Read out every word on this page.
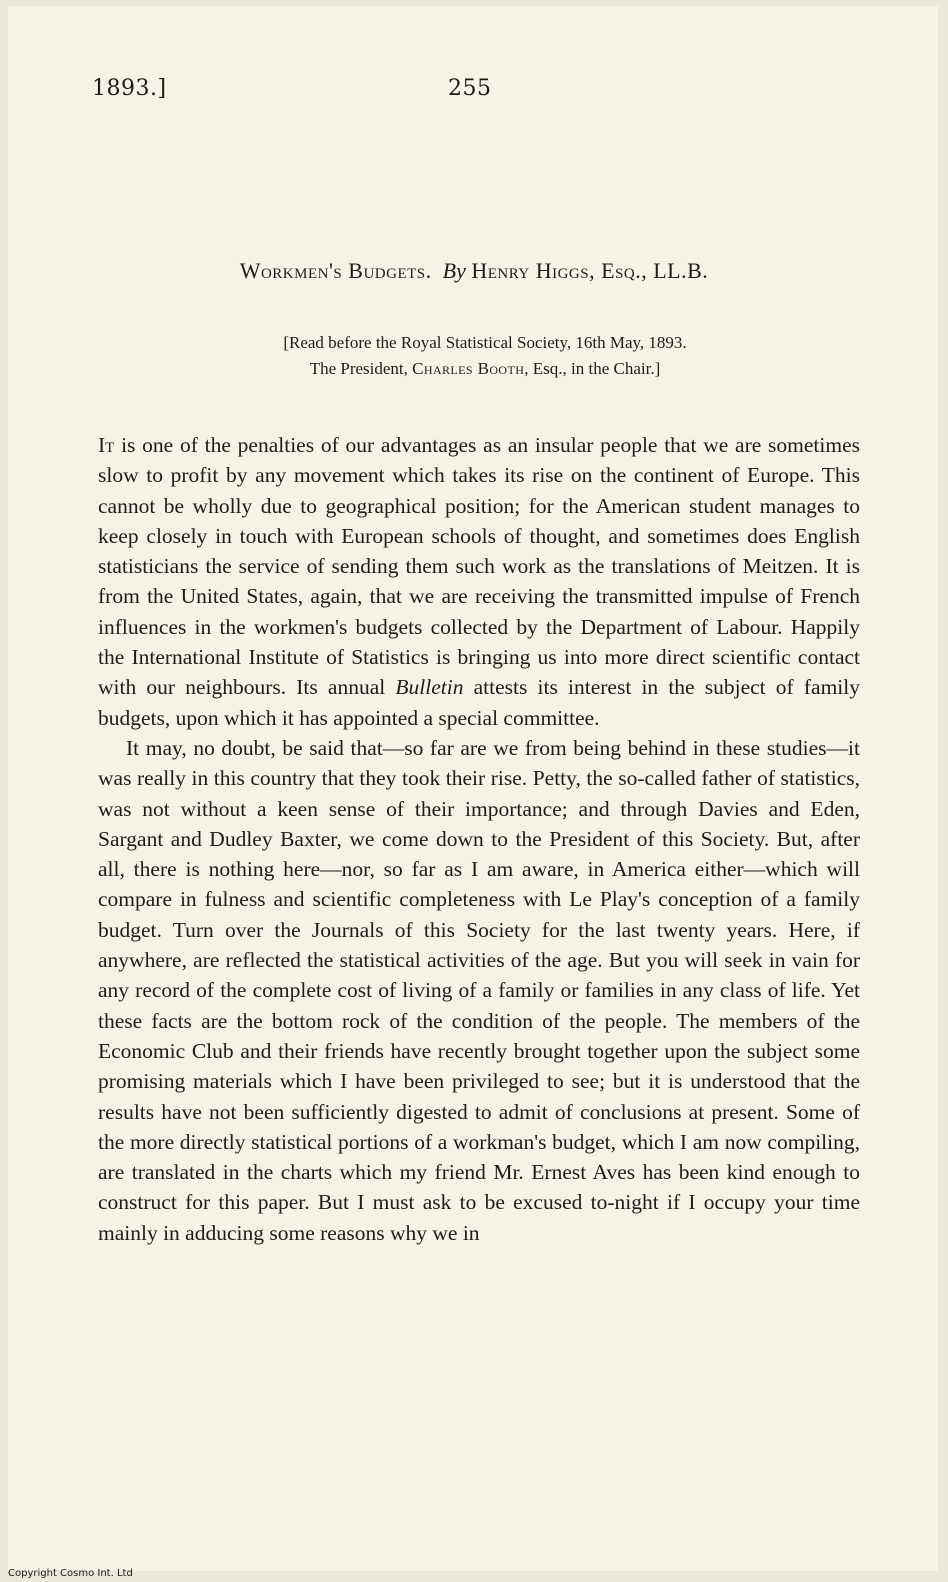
1893.]	255
Workmen's Budgets. By Henry Higgs, Esq., LL.B.
[Read before the Royal Statistical Society, 16th May, 1893.
The President, Charles Booth, Esq., in the Chair.]

It is one of the penalties of our advantages as an insular people that we are sometimes slow to profit by any movement which takes its rise on the continent of Europe. This cannot be wholly due to geographical position; for the American student manages to keep closely in touch with European schools of thought, and sometimes does English statisticians the service of sending them such work as the translations of Meitzen. It is from the United States, again, that we are receiving the transmitted impulse of French influences in the workmen's budgets collected by the Department of Labour. Happily the International Institute of Statistics is bringing us into more direct scientific contact with our neighbours. Its annual Bulletin attests its interest in the subject of family budgets, upon which it has appointed a special committee.

It may, no doubt, be said that—so far are we from being behind in these studies—it was really in this country that they took their rise. Petty, the so-called father of statistics, was not without a keen sense of their importance; and through Davies and Eden, Sargant and Dudley Baxter, we come down to the President of this Society. But, after all, there is nothing here—nor, so far as I am aware, in America either—which will compare in fulness and scientific completeness with Le Play's conception of a family budget. Turn over the Journals of this Society for the last twenty years. Here, if anywhere, are reflected the statistical activities of the age. But you will seek in vain for any record of the complete cost of living of a family or families in any class of life. Yet these facts are the bottom rock of the condition of the people. The members of the Economic Club and their friends have recently brought together upon the subject some promising materials which I have been privileged to see; but it is understood that the results have not been sufficiently digested to admit of conclusions at present. Some of the more directly statistical portions of a workman's budget, which I am now compiling, are translated in the charts which my friend Mr. Ernest Aves has been kind enough to construct for this paper. But I must ask to be excused to-night if I occupy your time mainly in adducing some reasons why we in

Copyright Cosmo Int. Ltd
